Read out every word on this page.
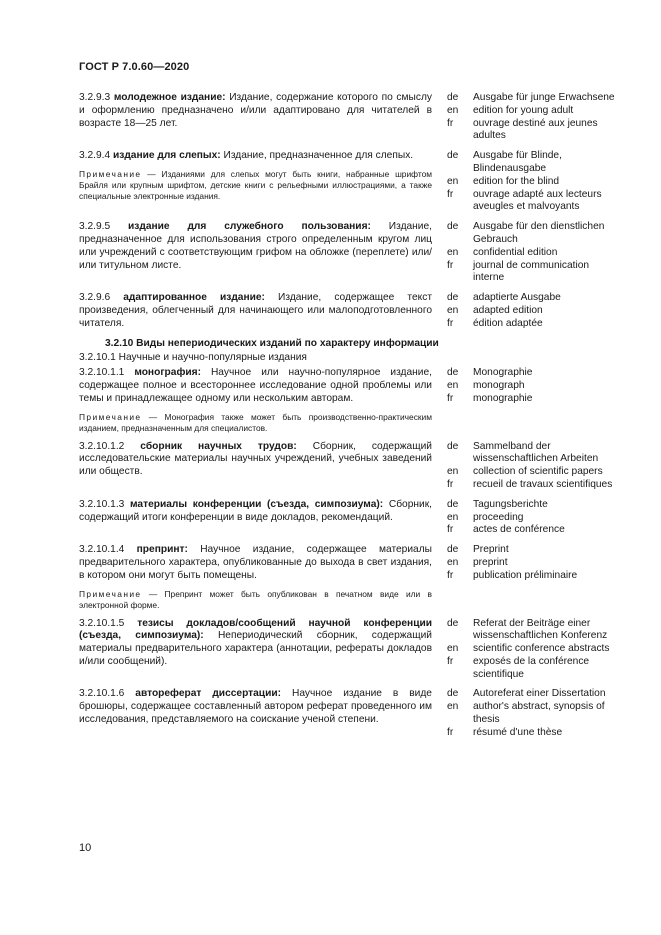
ГОСТ Р 7.0.60—2020
3.2.9.3 молодежное издание: Издание, содержание которого по смыслу и оформлению предназначено и/или адаптировано для читателей в возрасте 18—25 лет.
de	Ausgabe für junge Erwachsene
en	edition for young adult
fr	ouvrage destiné aux jeunes adultes
3.2.9.4 издание для слепых: Издание, предназначенное для слепых.
Примечание — Изданиями для слепых могут быть книги, набранные шрифтом Брайля или крупным шрифтом, детские книги с рельефными иллюстрациями, а также специальные электронные издания.
de	Ausgabe für Blinde, Blindenausgabe
en	edition for the blind
fr	ouvrage adapté aux lecteurs aveugles et malvoyants
3.2.9.5 издание для служебного пользования: Издание, предназначенное для использования строго определенным кругом лиц или учреждений с соответствующим грифом на обложке (переплете) или/или титульном листе.
de	Ausgabe für den dienstlichen Gebrauch
en	confidential edition
fr	journal de communication interne
3.2.9.6 адаптированное издание: Издание, содержащее текст произведения, облегченный для начинающего или малоподготовленного читателя.
de	adaptierte Ausgabe
en	adapted edition
fr	édition adaptée
3.2.10 Виды непериодических изданий по характеру информации
3.2.10.1 Научные и научно-популярные издания
3.2.10.1.1 монография: Научное или научно-популярное издание, содержащее полное и всестороннее исследование одной проблемы или темы и принадлежащее одному или нескольким авторам.
Примечание — Монография также может быть производственно-практическим изданием, предназначенным для специалистов.
de	Monographie
en	monograph
fr	monographie
3.2.10.1.2 сборник научных трудов: Сборник, содержащий исследовательские материалы научных учреждений, учебных заведений или обществ.
de	Sammelband der wissenschaftlichen Arbeiten
en	collection of scientific papers
fr	recueil de travaux scientifiques
3.2.10.1.3 материалы конференции (съезда, симпозиума): Сборник, содержащий итоги конференции в виде докладов, рекомендаций.
de	Tagungsberichte
en	proceeding
fr	actes de conférence
3.2.10.1.4 препринт: Научное издание, содержащее материалы предварительного характера, опубликованные до выхода в свет издания, в котором они могут быть помещены.
Примечание — Препринт может быть опубликован в печатном виде или в электронной форме.
de	Preprint
en	preprint
fr	publication préliminaire
3.2.10.1.5 тезисы докладов/сообщений научной конференции (съезда, симпозиума): Непериодический сборник, содержащий материалы предварительного характера (аннотации, рефераты докладов и/или сообщений).
de	Referat der Beiträge einer wissenschaftlichen Konferenz
en	scientific conference abstracts
fr	exposés de la conférence scientifique
3.2.10.1.6 автореферат диссертации: Научное издание в виде брошюры, содержащее составленный автором реферат проведенного им исследования, представляемого на соискание ученой степени.
de	Autoreferat einer Dissertation
en	author's abstract, synopsis of thesis
fr	résumé d'une thèse
10
